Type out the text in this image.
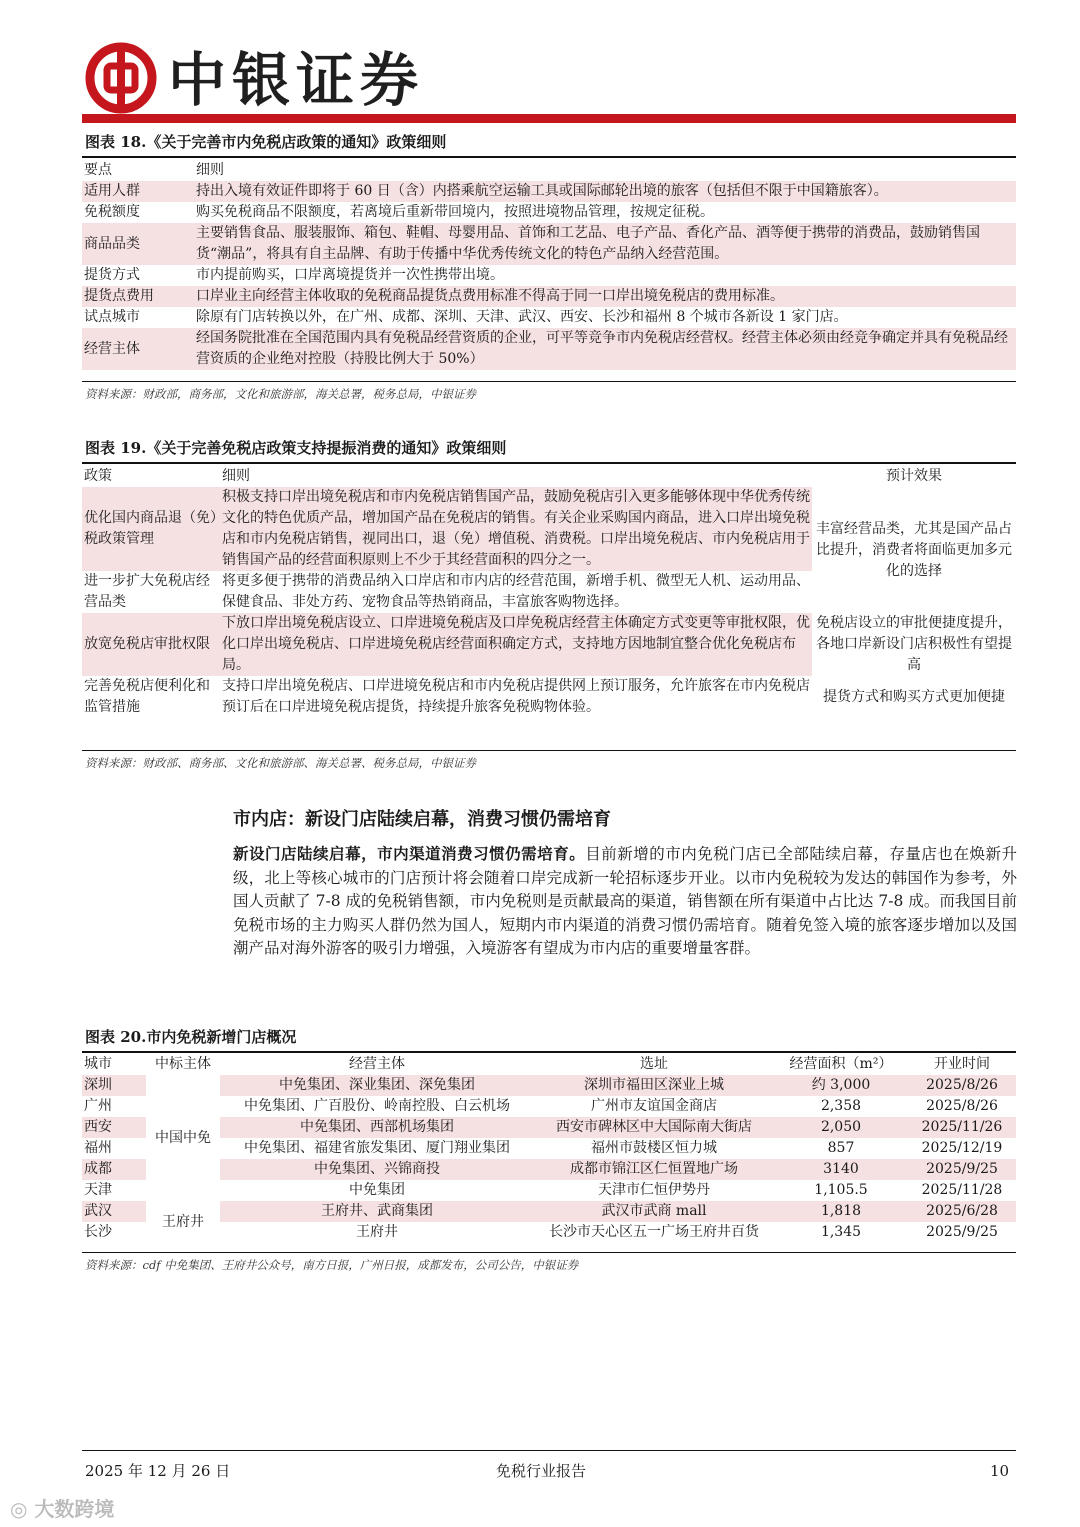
中银证券
图表 18.《关于完善市内免税店政策的通知》政策细则
要点	细则
适用人群	持出入境有效证件即将于 60 日（含）内搭乘航空运输工具或国际邮轮出境的旅客（包括但不限于中国籍旅客）。
免税额度	购买免税商品不限额度，若离境后重新带回境内，按照进境物品管理，按规定征税。
商品品类	主要销售食品、服装服饰、箱包、鞋帽、母婴用品、首饰和工艺品、电子产品、香化产品、酒等便于携带的消费品，鼓励销售国货“潮品”，将具有自主品牌、有助于传播中华优秀传统文化的特色产品纳入经营范围。
提货方式	市内提前购买，口岸离境提货并一次性携带出境。
提货点费用	口岸业主向经营主体收取的免税商品提货点费用标准不得高于同一口岸出境免税店的费用标准。
试点城市	除原有门店转换以外，在广州、成都、深圳、天津、武汉、西安、长沙和福州 8 个城市各新设 1 家门店。
经营主体	经国务院批准在全国范围内具有免税品经营资质的企业，可平等竞争市内免税店经营权。经营主体必须由经竞争确定并具有免税品经营资质的企业绝对控股（持股比例大于 50%）
资料来源：财政部，商务部，文化和旅游部，海关总署，税务总局，中银证券
图表 19.《关于完善免税店政策支持提振消费的通知》政策细则
政策	细则	预计效果
优化国内商品退（免）税政策管理	积极支持口岸出境免税店和市内免税店销售国产品，鼓励免税店引入更多能够体现中华优秀传统文化的特色优质产品，增加国产品在免税店的销售。有关企业采购国内商品，进入口岸出境免税店和市内免税店销售，视同出口，退（免）增值税、消费税。口岸出境免税店、市内免税店用于销售国产品的经营面积原则上不少于其经营面积的四分之一。	丰富经营品类，尤其是国产品占比提升，消费者将面临更加多元化的选择
进一步扩大免税店经营品类	将更多便于携带的消费品纳入口岸店和市内店的经营范围，新增手机、微型无人机、运动用品、保健食品、非处方药、宠物食品等热销商品，丰富旅客购物选择。	
放宽免税店审批权限	下放口岸出境免税店设立、口岸进境免税店及口岸免税店经营主体确定方式变更等审批权限，优化口岸出境免税店、口岸进境免税店经营面积确定方式，支持地方因地制宜整合优化免税店布局。	免税店设立的审批便捷度提升，各地口岸新设门店积极性有望提高
完善免税店便利化和监管措施	支持口岸出境免税店、口岸进境免税店和市内免税店提供网上预订服务，允许旅客在市内免税店预订后在口岸进境免税店提货，持续提升旅客免税购物体验。	提货方式和购买方式更加便捷
资料来源：财政部、商务部、文化和旅游部、海关总署、税务总局，中银证券
市内店：新设门店陆续启幕，消费习惯仍需培育
新设门店陆续启幕，市内渠道消费习惯仍需培育。目前新增的市内免税门店已全部陆续启幕，存量店也在焕新升级，北上等核心城市的门店预计将会随着口岸完成新一轮招标逐步开业。以市内免税较为发达的韩国作为参考，外国人贡献了 7-8 成的免税销售额，市内免税则是贡献最高的渠道，销售额在所有渠道中占比达 7-8 成。而我国目前免税市场的主力购买人群仍然为国人，短期内市内渠道的消费习惯仍需培育。随着免签入境的旅客逐步增加以及国潮产品对海外游客的吸引力增强，入境游客有望成为市内店的重要增量客群。
图表 20.市内免税新增门店概况
城市	中标主体	经营主体	选址	经营面积（m²）	开业时间
深圳	中国中免	中免集团、深业集团、深免集团	深圳市福田区深业上城	约 3,000	2025/8/26
广州		中免集团、广百股份、岭南控股、白云机场	广州市友谊国金商店	2,358	2025/8/26
西安		中免集团、西部机场集团	西安市碑林区中大国际南大街店	2,050	2025/11/26
福州		中免集团、福建省旅发集团、厦门翔业集团	福州市鼓楼区恒力城	857	2025/12/19
成都		中免集团、兴锦商投	成都市锦江区仁恒置地广场	3140	2025/9/25
天津		中免集团	天津市仁恒伊势丹	1,105.5	2025/11/28
武汉	王府井	王府井、武商集团	武汉市武商 mall	1,818	2025/6/28
长沙		王府井	长沙市天心区五一广场王府井百货	1,345	2025/9/25
资料来源：cdf 中免集团、王府井公众号，南方日报，广州日报，成都发布，公司公告，中银证券
2025 年 12 月 26 日	免税行业报告	10
◎ 大数跨境
